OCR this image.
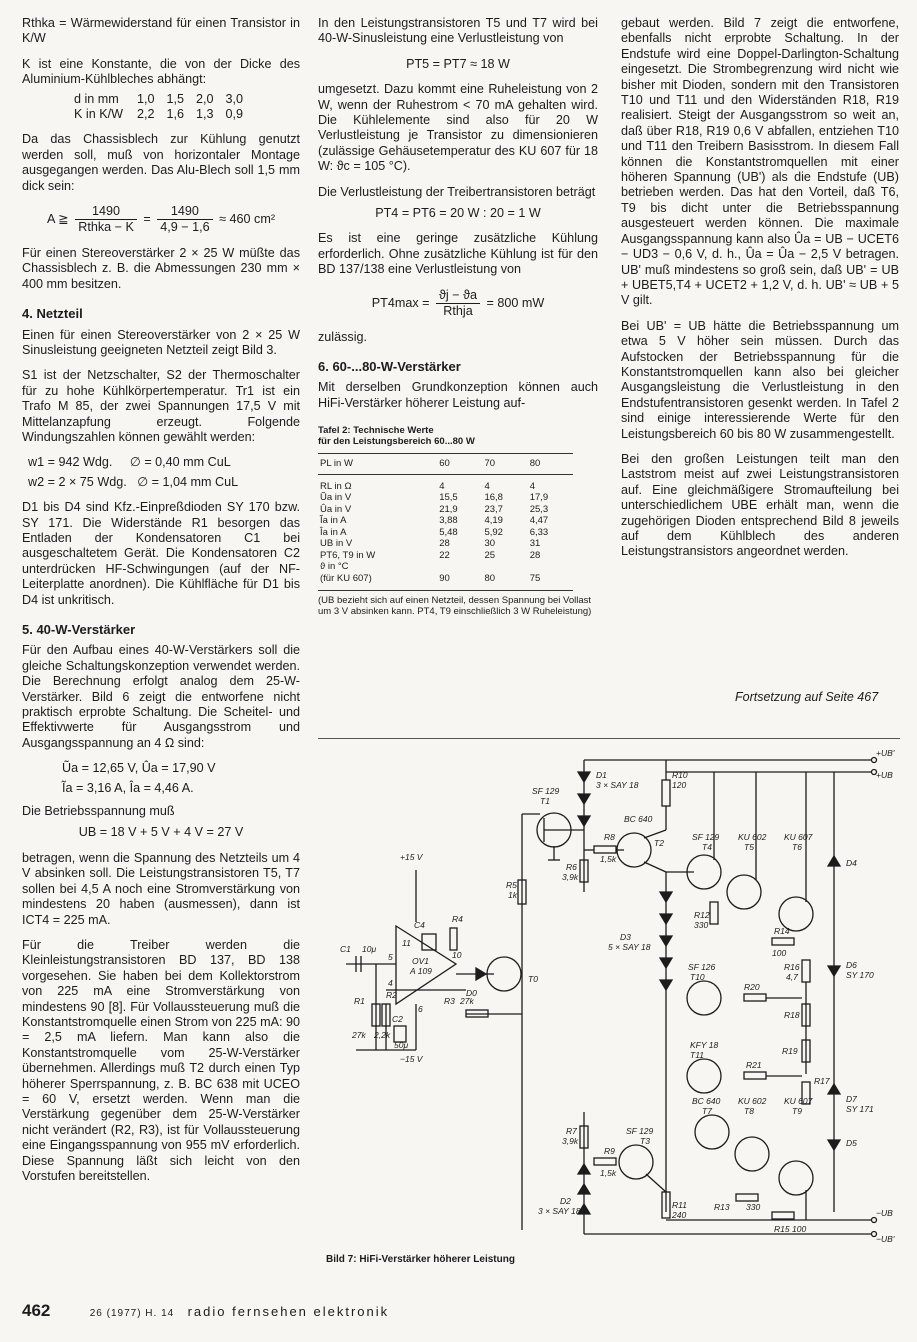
Rthka = Wärmewiderstand für einen Transistor in K/W

K ist eine Konstante, die von der Dicke des Aluminium-Kühlbleches abhängt:

d in mm	1,0	1,5	2,0	3,0
K in K/W	2,2	1,6	1,3	0,9

Da das Chassisblech zur Kühlung genutzt werden soll, muß von horizontaler Montage ausgegangen werden. Das Alu-Blech soll 1,5 mm dick sein:

A ≧ $\frac{1490}{\text{Rthka − K}} = \frac{1490}{4,9 - 1,6} \approx 460$ cm²

Für einen Stereoverstärker 2 × 25 W müßte das Chassisblech z. B. die Abmessungen 230 mm × 400 mm besitzen.

4. Netzteil

Einen für einen Stereoverstärker von 2 × 25 W Sinusleistung geeigneten Netzteil zeigt Bild 3.

S1 ist der Netzschalter, S2 der Thermoschalter für zu hohe Kühlkörpertemperatur. Tr1 ist ein Trafo M 85, der zwei Spannungen 17,5 V mit Mittelanzapfung erzeugt. Folgende Windungszahlen können gewählt werden:

w1 = 942 Wdg.     ∅ = 0,40 mm CuL
w2 = 2 × 75 Wdg.   ∅ = 1,04 mm CuL

D1 bis D4 sind Kfz.-Einpreßdioden SY 170 bzw. SY 171. Die Widerstände R1 besorgen das Entladen der Kondensatoren C1 bei ausgeschaltetem Gerät. Die Kondensatoren C2 unterdrücken HF-Schwingungen (auf der NF-Leiterplatte anordnen). Die Kühlfläche für D1 bis D4 ist unkritisch.

5. 40-W-Verstärker

Für den Aufbau eines 40-W-Verstärkers soll die gleiche Schaltungskonzeption verwendet werden. Die Berechnung erfolgt analog dem 25-W-Verstärker. Bild 6 zeigt die entworfene nicht praktisch erprobte Schaltung. Die Scheitel- und Effektivwerte für Ausgangsstrom und Ausgangsspannung an 4 Ω sind:

Ũa = 12,65 V, Ûa = 17,90 V
Ĩa = 3,16 A, Îa = 4,46 A.

Die Betriebsspannung muß

UB = 18 V + 5 V + 4 V = 27 V

betragen, wenn die Spannung des Netzteils um 4 V absinken soll. Die Leistungstransistoren T5, T7 sollen bei 4,5 A noch eine Stromverstärkung von mindestens 20 haben (ausmessen), dann ist ICT4 = 225 mA.

Für die Treiber werden die Kleinleistungstransistoren BD 137, BD 138 vorgesehen. Sie haben bei dem Kollektorstrom von 225 mA eine Stromverstärkung von mindestens 90 [8]. Für Vollaussteuerung muß die Konstantstromquelle einen Strom von 225 mA: 90 = 2,5 mA liefern. Man kann also die Konstantstromquelle vom 25-W-Verstärker übernehmen. Allerdings muß T2 durch einen Typ höherer Sperrspannung, z. B. BC 638 mit UCEO = 60 V, ersetzt werden. Wenn man die Verstärkung gegenüber dem 25-W-Verstärker nicht verändert (R2, R3), ist für Vollaussteuerung eine Eingangsspannung von 955 mV erforderlich. Diese Spannung läßt sich leicht von den Vorstufen bereitstellen.

In den Leistungstransistoren T5 und T7 wird bei 40-W-Sinusleistung eine Verlustleistung von

PT5 = PT7 ≈ 18 W

umgesetzt. Dazu kommt eine Ruheleistung von 2 W, wenn der Ruhestrom < 70 mA gehalten wird. Die Kühlelemente sind also für 20 W Verlustleistung je Transistor zu dimensionieren (zulässige Gehäusetemperatur des KU 607 für 18 W: ϑc = 105 °C).

Die Verlustleistung der Treibertransistoren beträgt

PT4 = PT6 = 20 W : 20 = 1 W

Es ist eine geringe zusätzliche Kühlung erforderlich. Ohne zusätzliche Kühlung ist für den BD 137/138 eine Verlustleistung von

$PT4\max = \frac{ϑj - ϑa}{\text{Rthja}} = 800$ mW

zulässig.

6. 60-...80-W-Verstärker

Mit derselben Grundkonzeption können auch HiFi-Verstärker höherer Leistung auf-

Tafel 2: Technische Werte
für den Leistungsbereich 60...80 W
PL in W	60	70	80
RL in Ω	4	4	4
Ũa in V	15,5	16,8	17,9
Ûa in V	21,9	23,7	25,3
Ĩa in A	3,88	4,19	4,47
Îa in A	5,48	5,92	6,33
UB in V	28	30	31
PT6, T9 in W	22	25	28
ϑ in °C			
(für KU 607)	90	80	75
(UB bezieht sich auf einen Netzteil, dessen Spannung bei Vollast um 3 V absinken kann. PT4, T9 einschließlich 3 W Ruheleistung)

gebaut werden. Bild 7 zeigt die entworfene, ebenfalls nicht erprobte Schaltung. In der Endstufe wird eine Doppel-Darlington-Schaltung eingesetzt. Die Strombegrenzung wird nicht wie bisher mit Dioden, sondern mit den Transistoren T10 und T11 und den Widerständen R18, R19 realisiert. Steigt der Ausgangsstrom so weit an, daß über R18, R19 0,6 V abfallen, entziehen T10 und T11 den Treibern Basisstrom. In diesem Fall können die Konstantstromquellen mit einer höheren Spannung (UB') als die Endstufe (UB) betrieben werden. Das hat den Vorteil, daß T6, T9 bis dicht unter die Betriebsspannung ausgesteuert werden können. Die maximale Ausgangsspannung kann also Ûa = UB − UCET6 − UD3 − 0,6 V, d. h., Ûa = Ûa − 2,5 V betragen. UB' muß mindestens so groß sein, daß UB' = UB + UBET5,T4 + UCET2 + 1,2 V, d. h. UB' ≈ UB + 5 V gilt.

Bei UB' = UB hätte die Betriebsspannung um etwa 5 V höher sein müssen. Durch das Aufstocken der Betriebsspannung für die Konstantstromquellen kann also bei gleicher Ausgangsleistung die Verlustleistung in den Endstufentransistoren gesenkt werden. In Tafel 2 sind einige interessierende Werte für den Leistungsbereich 60 bis 80 W zusammengestellt.

Bei den großen Leistungen teilt man den Laststrom meist auf zwei Leistungstransistoren auf. Eine gleichmäßigere Stromaufteilung bei unterschiedlichem UBE erhält man, wenn die zugehörigen Dioden entsprechend Bild 8 jeweils auf dem Kühlblech des anderen Leistungstransistors angeordnet werden.

Fortsetzung auf Seite 467
SF 129
T1
D1
3 × SAY 18
R10
120
BC 640
T2
R8
1,5k
R6
3,9k
R5
1k
SF 129
T4
KU 602
T5
KU 607
T6
D4
R12
330
R14
100
R16
4,7
D6
SY 170
D3
5 × SAY 18
SF 126
T10
R20
R18
+15 V
−15 V
C4
R4
C1 10μ
OV1
A 109
D0
T0
R3 27k
R1
27k
R2
2,2k
C2
50μ
11
5
4
6
10
KFY 18
T11	R19
R21
R17
D7
SY 171
R7
3,9k
SF 129
T3
R9
1,5k
D2
3 × SAY 18
BC 640
T7
KU 602
T8
KU 607
T9
R13 330
R15 100
R11
240
D5
+UB'
+UB
−UB
−UB'
Bild 7: HiFi-Verstärker höherer Leistung
462	26 (1977) H. 14 radio fernsehen elektronik
